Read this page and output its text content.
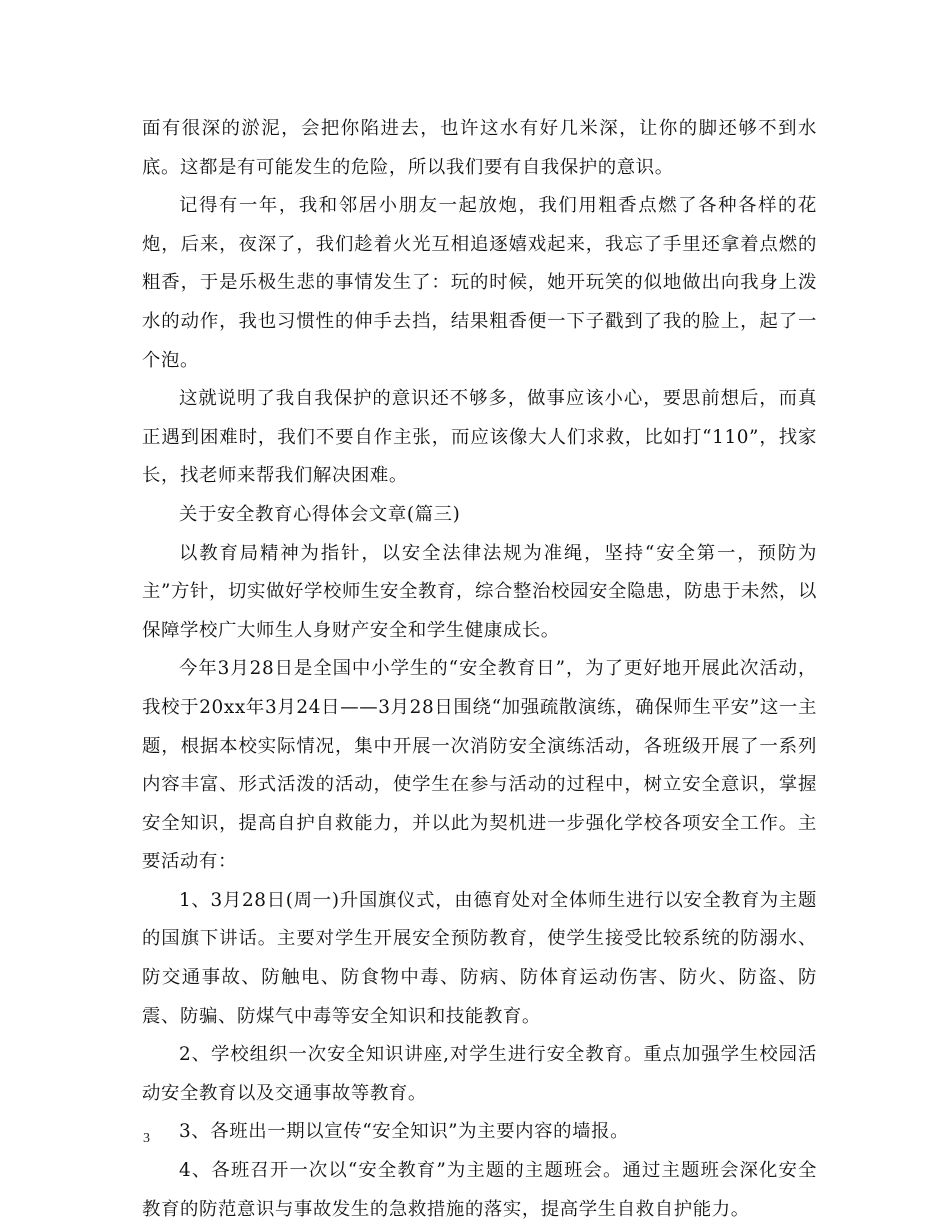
面有很深的淤泥，会把你陷进去，也许这水有好几米深，让你的脚还够不到水底。这都是有可能发生的危险，所以我们要有自我保护的意识。

记得有一年，我和邻居小朋友一起放炮，我们用粗香点燃了各种各样的花炮，后来，夜深了，我们趁着火光互相追逐嬉戏起来，我忘了手里还拿着点燃的粗香，于是乐极生悲的事情发生了：玩的时候，她开玩笑的似地做出向我身上泼水的动作，我也习惯性的伸手去挡，结果粗香便一下子戳到了我的脸上，起了一个泡。

这就说明了我自我保护的意识还不够多，做事应该小心，要思前想后，而真正遇到困难时，我们不要自作主张，而应该像大人们求救，比如打“110”，找家长，找老师来帮我们解决困难。

关于安全教育心得体会文章(篇三)

以教育局精神为指针，以安全法律法规为准绳，坚持“安全第一，预防为主”方针，切实做好学校师生安全教育，综合整治校园安全隐患，防患于未然，以保障学校广大师生人身财产安全和学生健康成长。

今年3月28日是全国中小学生的“安全教育日”，为了更好地开展此次活动，我校于20xx年3月24日——3月28日围绕“加强疏散演练，确保师生平安”这一主题，根据本校实际情况，集中开展一次消防安全演练活动，各班级开展了一系列内容丰富、形式活泼的活动，使学生在参与活动的过程中，树立安全意识，掌握安全知识，提高自护自救能力，并以此为契机进一步强化学校各项安全工作。主要活动有：

1、3月28日(周一)升国旗仪式，由德育处对全体师生进行以安全教育为主题的国旗下讲话。主要对学生开展安全预防教育，使学生接受比较系统的防溺水、防交通事故、防触电、防食物中毒、防病、防体育运动伤害、防火、防盗、防震、防骗、防煤气中毒等安全知识和技能教育。

2、学校组织一次安全知识讲座,对学生进行安全教育。重点加强学生校园活动安全教育以及交通事故等教育。

3、各班出一期以宣传“安全知识”为主要内容的墙报。

4、各班召开一次以“安全教育”为主题的主题班会。通过主题班会深化安全教育的防范意识与事故发生的急救措施的落实，提高学生自救自护能力。

3
